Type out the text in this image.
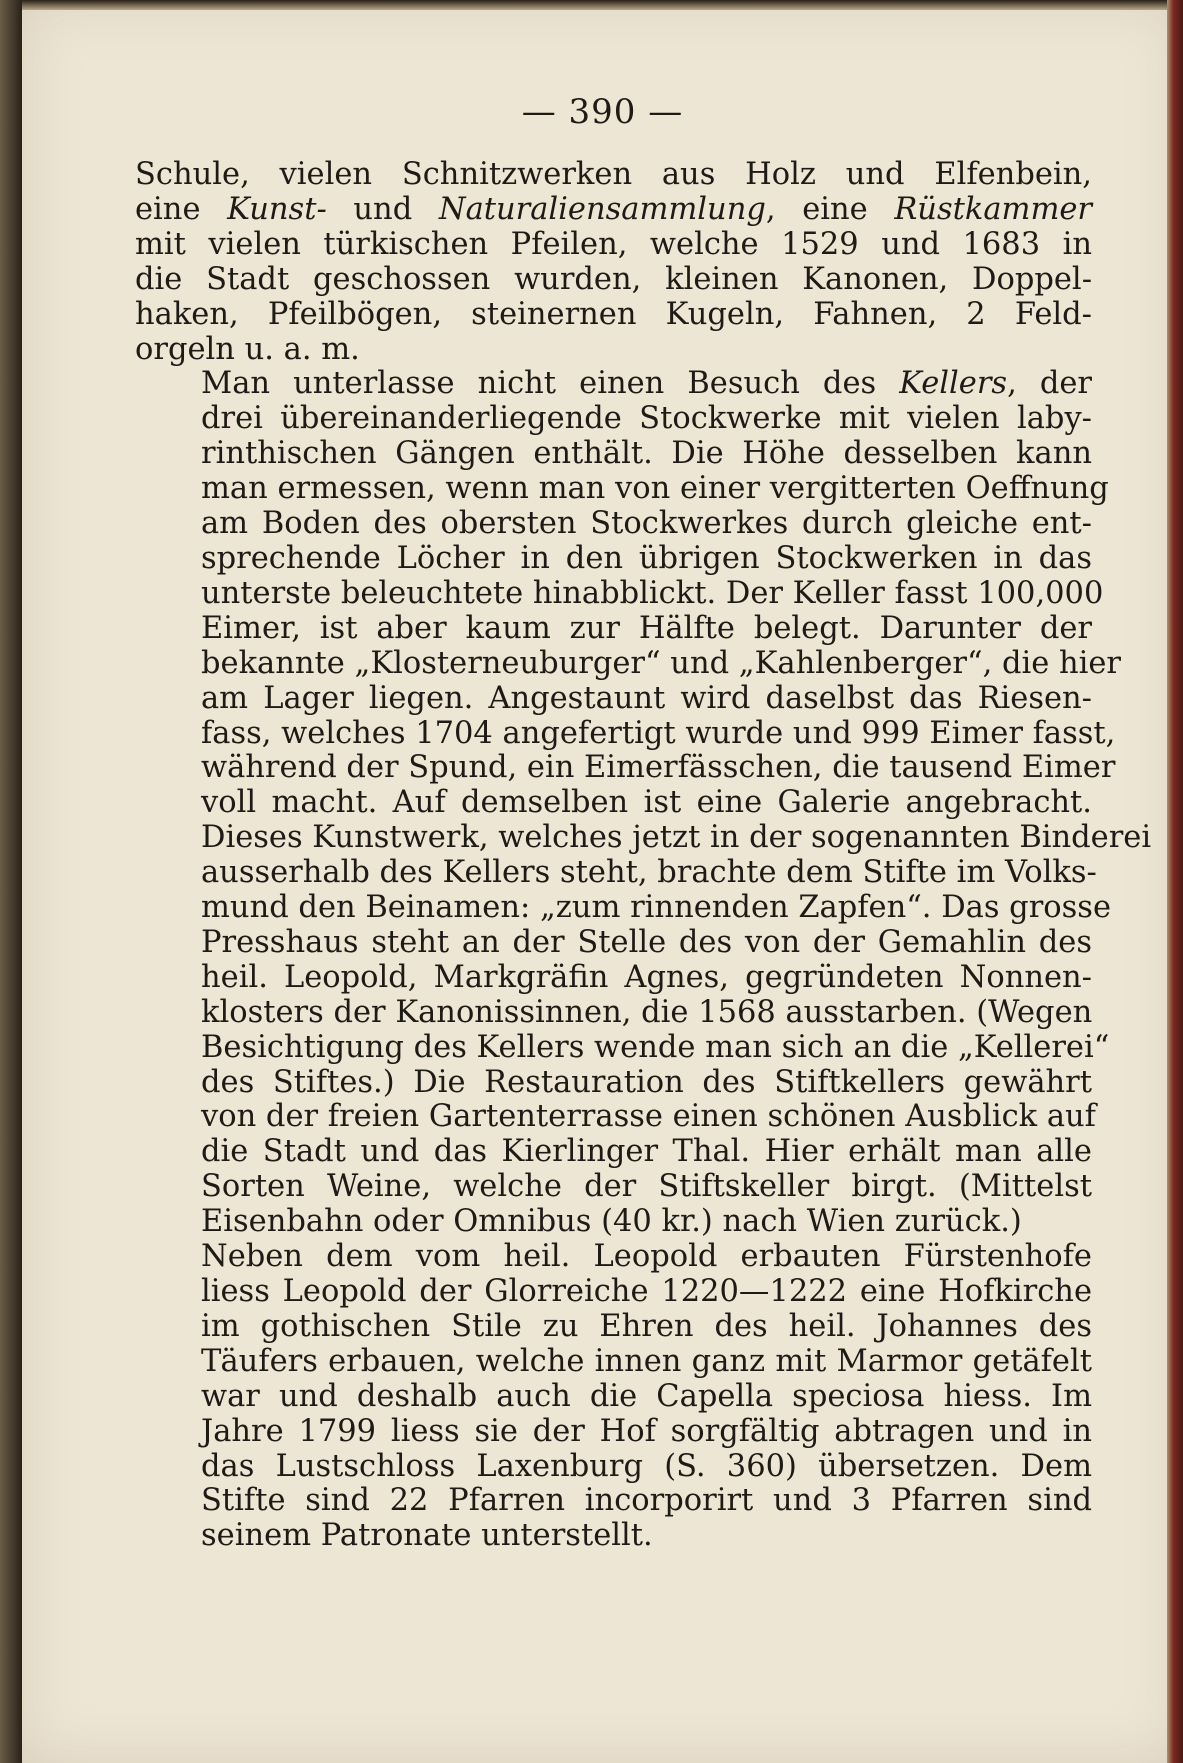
— 390 —

Schule, vielen Schnitzwerken aus Holz und Elfenbein,
eine Kunst- und Naturaliensammlung, eine Rüstkammer
mit vielen türkischen Pfeilen, welche 1529 und 1683 in
die Stadt geschossen wurden, kleinen Kanonen, Doppel-
haken, Pfeilbögen, steinernen Kugeln, Fahnen, 2 Feld-
orgeln u. a. m.

Man unterlasse nicht einen Besuch des Kellers, der
drei übereinanderliegende Stockwerke mit vielen laby-
rinthischen Gängen enthält. Die Höhe desselben kann
man ermessen, wenn man von einer vergitterten Oeffnung
am Boden des obersten Stockwerkes durch gleiche ent-
sprechende Löcher in den übrigen Stockwerken in das
unterste beleuchtete hinabblickt. Der Keller fasst 100,000
Eimer, ist aber kaum zur Hälfte belegt. Darunter der
bekannte „Klosterneuburger“ und „Kahlenberger“, die hier
am Lager liegen. Angestaunt wird daselbst das Riesen-
fass, welches 1704 angefertigt wurde und 999 Eimer fasst,
während der Spund, ein Eimerfässchen, die tausend Eimer
voll macht. Auf demselben ist eine Galerie angebracht.
Dieses Kunstwerk, welches jetzt in der sogenannten Binderei
ausserhalb des Kellers steht, brachte dem Stifte im Volks-
mund den Beinamen: „zum rinnenden Zapfen“. Das grosse
Presshaus steht an der Stelle des von der Gemahlin des
heil. Leopold, Markgräfin Agnes, gegründeten Nonnen-
klosters der Kanonissinnen, die 1568 ausstarben. (Wegen
Besichtigung des Kellers wende man sich an die „Kellerei“
des Stiftes.) Die Restauration des Stiftkellers gewährt
von der freien Gartenterrasse einen schönen Ausblick auf
die Stadt und das Kierlinger Thal. Hier erhält man alle
Sorten Weine, welche der Stiftskeller birgt. (Mittelst
Eisenbahn oder Omnibus (40 kr.) nach Wien zurück.)

Neben dem vom heil. Leopold erbauten Fürstenhofe
liess Leopold der Glorreiche 1220—1222 eine Hofkirche
im gothischen Stile zu Ehren des heil. Johannes des
Täufers erbauen, welche innen ganz mit Marmor getäfelt
war und deshalb auch die Capella speciosa hiess. Im
Jahre 1799 liess sie der Hof sorgfältig abtragen und in
das Lustschloss Laxenburg (S. 360) übersetzen. Dem
Stifte sind 22 Pfarren incorporirt und 3 Pfarren sind
seinem Patronate unterstellt.
